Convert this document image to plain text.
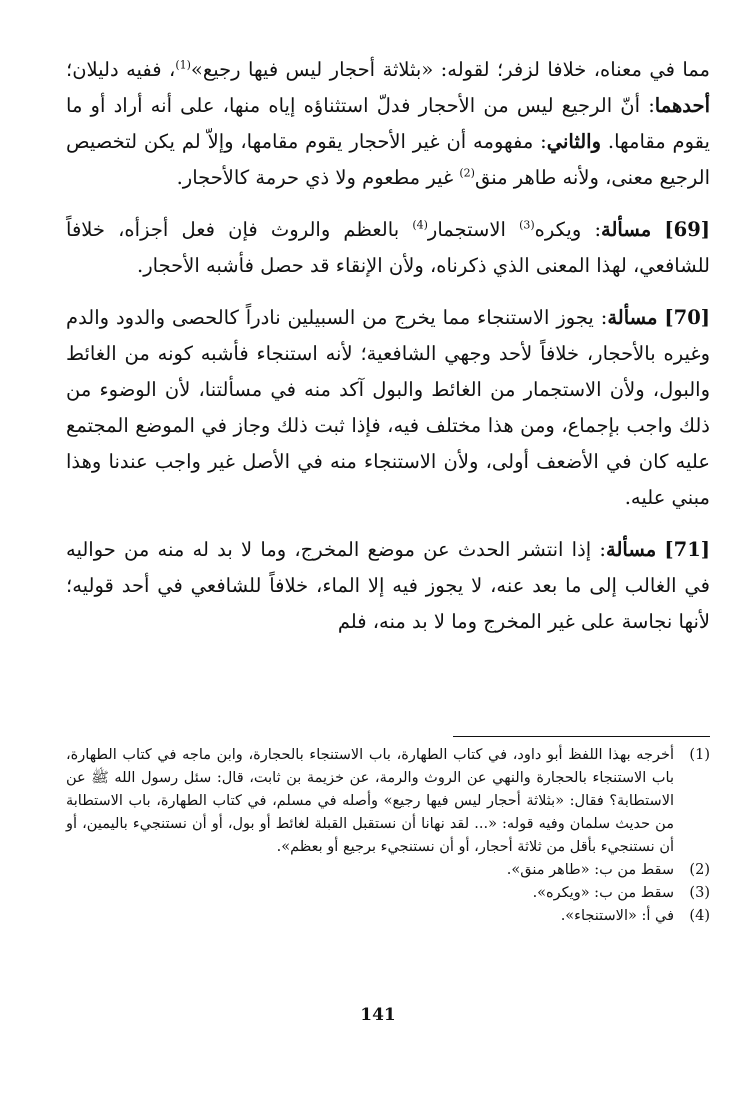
مما في معناه، خلافا لزفر؛ لقوله: «بثلاثة أحجار ليس فيها رجيع»$^{(1)}$، ففيه دليلان؛ أحدهما: أنّ الرجيع ليس من الأحجار فدلّ استثناؤه إياه منها، على أنه أراد أو ما يقوم مقامها. والثاني: مفهومه أن غير الأحجار يقوم مقامها، وإلاّ لم يكن لتخصيص الرجيع معنى، ولأنه طاهر منق$^{(2)}$ غير مطعوم ولا ذي حرمة كالأحجار.

[69] مسألة: ويكره$^{(3)}$ الاستجمار$^{(4)}$ بالعظم والروث فإن فعل أجزأه، خلافاً للشافعي، لهذا المعنى الذي ذكرناه، ولأن الإنقاء قد حصل فأشبه الأحجار.

[70] مسألة: يجوز الاستنجاء مما يخرج من السبيلين نادراً كالحصى والدود والدم وغيره بالأحجار، خلافاً لأحد وجهي الشافعية؛ لأنه استنجاء فأشبه كونه من الغائط والبول، ولأن الاستجمار من الغائط والبول آكد منه في مسألتنا، لأن الوضوء من ذلك واجب بإجماع، ومن هذا مختلف فيه، فإذا ثبت ذلك وجاز في الموضع المجتمع عليه كان في الأضعف أولى، ولأن الاستنجاء منه في الأصل غير واجب عندنا وهذا مبني عليه.

[71] مسألة: إذا انتشر الحدث عن موضع المخرج، وما لا بد له منه من حواليه في الغالب إلى ما بعد عنه، لا يجوز فيه إلا الماء، خلافاً للشافعي في أحد قوليه؛ لأنها نجاسة على غير المخرج وما لا بد منه، فلم

(1)
أخرجه بهذا اللفظ أبو داود، في كتاب الطهارة، باب الاستنجاء بالحجارة، وابن ماجه في كتاب الطهارة، باب الاستنجاء بالحجارة والنهي عن الروث والرمة، عن خزيمة بن ثابت، قال: سئل رسول الله ﷺ عن الاستطابة؟ فقال: «بثلاثة أحجار ليس فيها رجيع» وأصله في مسلم، في كتاب الطهارة، باب الاستطابة من حديث سلمان وفيه قوله: «... لقد نهانا أن نستقبل القبلة لغائط أو بول، أو أن نستنجيء باليمين، أو أن نستنجيء بأقل من ثلاثة أحجار، أو أن نستنجيء برجيع أو بعظم».
(2)
سقط من ب: «طاهر منق».
(3)
سقط من ب: «ويكره».
(4)
في أ: «الاستنجاء».
141
